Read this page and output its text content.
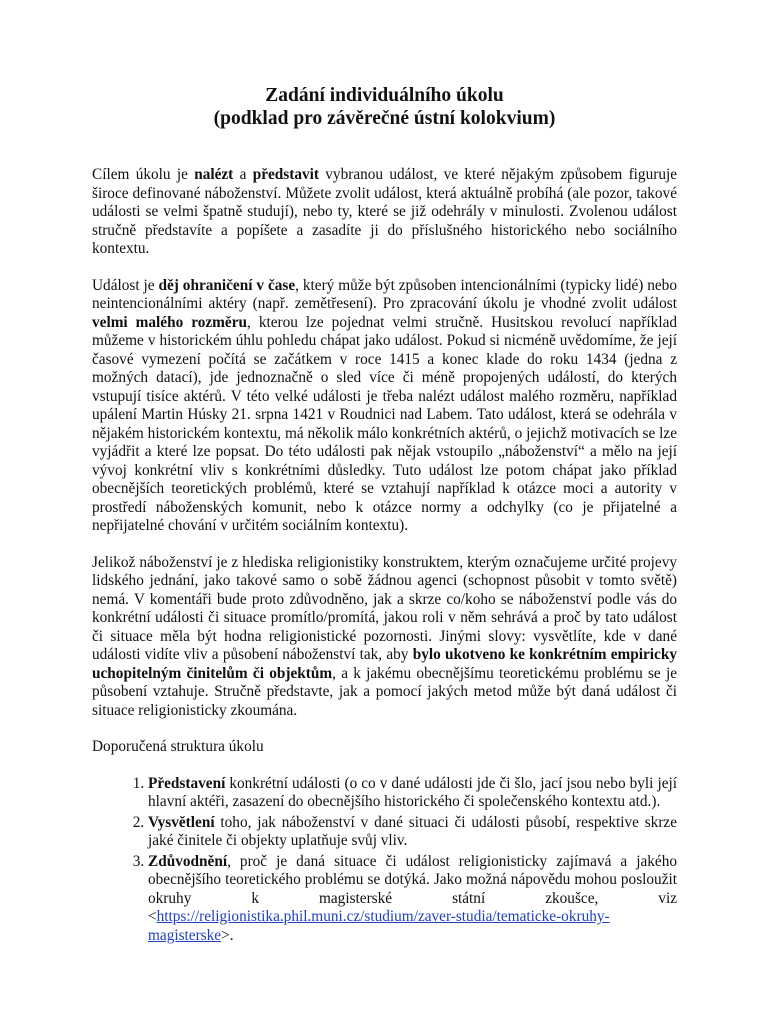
Zadání individuálního úkolu
(podklad pro závěrečné ústní kolokvium)

Cílem úkolu je nalézt a představit vybranou událost, ve které nějakým způsobem figuruje široce definované náboženství. Můžete zvolit událost, která aktuálně probíhá (ale pozor, takové události se velmi špatně studují), nebo ty, které se již odehrály v minulosti. Zvolenou událost stručně představíte a popíšete a zasadíte ji do příslušného historického nebo sociálního kontextu.

Událost je děj ohraničení v čase, který může být způsoben intencionálními (typicky lidé) nebo neintencionálními aktéry (např. zemětřesení). Pro zpracování úkolu je vhodné zvolit událost velmi malého rozměru, kterou lze pojednat velmi stručně. Husitskou revolucí například můžeme v historickém úhlu pohledu chápat jako událost. Pokud si nicméně uvědomíme, že její časové vymezení počítá se začátkem v roce 1415 a konec klade do roku 1434 (jedna z možných datací), jde jednoznačně o sled více či méně propojených událostí, do kterých vstupují tisíce aktérů. V této velké události je třeba nalézt událost malého rozměru, například upálení Martin Húsky 21. srpna 1421 v Roudnici nad Labem. Tato událost, která se odehrála v nějakém historickém kontextu, má několik málo konkrétních aktérů, o jejichž motivacích se lze vyjádřit a které lze popsat. Do této události pak nějak vstoupilo „náboženství“ a mělo na její vývoj konkrétní vliv s konkrétními důsledky. Tuto událost lze potom chápat jako příklad obecnějších teoretických problémů, které se vztahují například k otázce moci a autority v prostředí náboženských komunit, nebo k otázce normy a odchylky (co je přijatelné a nepřijatelné chování v určitém sociálním kontextu).

Jelikož náboženství je z hlediska religionistiky konstruktem, kterým označujeme určité projevy lidského jednání, jako takové samo o sobě žádnou agenci (schopnost působit v tomto světě) nemá. V komentáři bude proto zdůvodněno, jak a skrze co/koho se náboženství podle vás do konkrétní události či situace promítlo/promítá, jakou roli v něm sehrává a proč by tato událost či situace měla být hodna religionistické pozornosti. Jinými slovy: vysvětlíte, kde v dané události vidíte vliv a působení náboženství tak, aby bylo ukotveno ke konkrétním empiricky uchopitelným činitelům či objektům, a k jakému obecnějšímu teoretickému problému se je působení vztahuje. Stručně představte, jak a pomocí jakých metod může být daná událost či situace religionisticky zkoumána.

Doporučená struktura úkolu

1. Představení konkrétní události (o co v dané události jde či šlo, jací jsou nebo byli její hlavní aktéři, zasazení do obecnějšího historického či společenského kontextu atd.).
2. Vysvětlení toho, jak náboženství v dané situaci či události působí, respektive skrze jaké činitele či objekty uplatňuje svůj vliv.
3. Zdůvodnění, proč je daná situace či událost religionisticky zajímavá a jakého obecnějšího teoretického problému se dotýká. Jako možná nápovědu mohou posloužit okruhy k magisterské státní zkoušce, viz <https://religionistika.phil.muni.cz/studium/zaver-studia/tematicke-okruhy-magisterske>.
